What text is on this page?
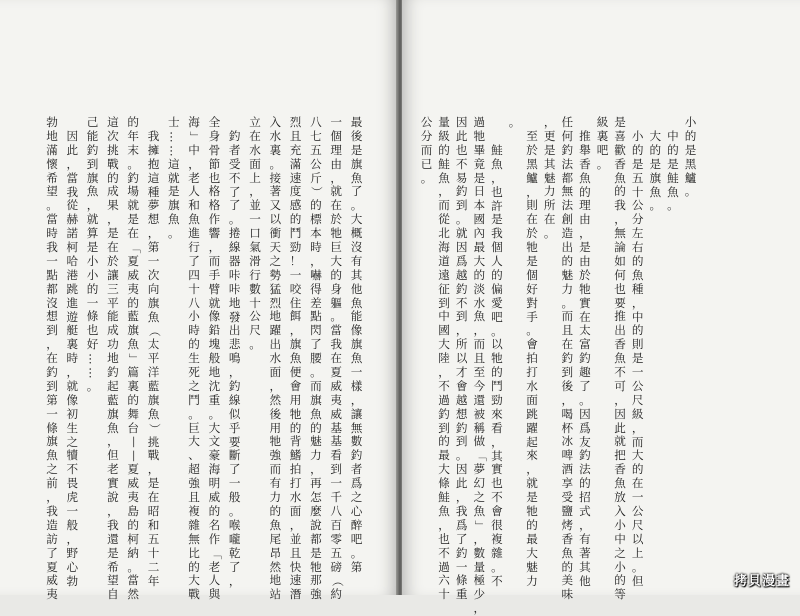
最
後
是
旗
魚
了
。
大
概
沒
有
其
他
魚
能
像
旗
魚
一
樣
，
讓
無
數
釣
者
爲
之
心
醉
吧
。
第
一
個
理
由
，
就
在
於
牠
巨
大
的
身
軀
。
當
我
在
夏
威
夷
威
基
基
看
到
一
千
八
百
零
五
磅
（
約
八
七
五
公
斤
）
的
標
本
時
，
嚇
得
差
點
閃
了
腰
。
而
旗
魚
的
魅
力
，
再
怎
麼
說
都
是
牠
那
強
烈
且
充
滿
速
度
感
的
鬥
勁
！
一
咬
住
餌
，
旗
魚
便
會
用
牠
的
背
鰭
拍
打
水
面
，
並
且
快
速
潛
入
水
裏
。
接
著
又
以
衝
天
之
勢
猛
烈
地
躍
出
水
面
，
然
後
用
牠
強
而
有
力
的
魚
尾
昂
然
地
站
立
在
水
面
上
，
並
一
口
氣
滑
行
數
十
公
尺
。
釣
者
受
不
了
了
。
捲
線
器
咔
咔
地
發
出
悲
鳴
，
釣
線
似
乎
要
斷
了
一
般
。
喉
嚨
乾
了
，
全
身
骨
節
也
格
格
作
響
，
而
手
臂
就
像
鉛
塊
般
地
沈
重
。
大
文
豪
海
明
威
的
名
作
「
老
人
與
海
」
中
，
老
人
和
魚
進
行
了
四
十
八
小
時
的
生
死
之
鬥
。
巨
大
、
超
強
且
複
雜
無
比
的
大
戰
士
…
…
這
就
是
旗
魚
。
我
擁
抱
這
種
夢
想
，
第
一
次
向
旗
魚
（
太
平
洋
藍
旗
魚
）
挑
戰
，
是
在
昭
和
五
十
二
年
的
年
末
。
釣
場
就
是
在
「
夏
威
夷
的
藍
旗
魚
」
篇
裏
的
舞
台
—
—
夏
威
夷
島
的
柯
納
。
當
然
這
次
挑
戰
的
成
果
，
是
在
於
讓
三
平
能
成
功
地
釣
起
藍
旗
魚
，
但
老
實
說
，
我
還
是
希
望
自
己
能
釣
到
旗
魚
，
就
算
是
小
小
的
一
條
也
好
…
…
。
因
此
，
當
我
從
赫
諾
柯
哈
港
跳
進
遊
艇
裏
時
，
就
像
初
生
之
犢
不
畏
虎
一
般
，
野
心
勃
勃
地
滿
懷
希
望
。
當
時
我
一
點
都
沒
想
到
，
在
釣
到
第
一
條
旗
魚
之
前
，
我
造
訪
了
夏
威
夷
小
的
是
黑
鱸
。
中
的
是
鮭
魚
。
大
的
是
旗
魚
。
小
的
是
五
十
公
分
左
右
的
魚
種
，
中
的
則
是
一
公
尺
級
，
而
大
的
在
一
公
尺
以
上
。
但
是
喜
歡
香
魚
的
我
，
無
論
如
何
也
要
推
出
香
魚
不
可
，
因
此
就
把
香
魚
放
入
小
中
之
小
的
等
級
裏
吧
。
推
舉
香
魚
的
理
由
，
是
由
於
牠
實
在
太
富
釣
趣
了
。
因
爲
友
釣
法
的
招
式
，
有
著
其
他
任
何
釣
法
都
無
法
創
造
出
的
魅
力
。
而
且
在
釣
到
後
，
喝
杯
冰
啤
酒
享
受
鹽
烤
香
魚
的
美
味
，
更
是
其
魅
力
所
在
。
至
於
黑
鱸
，
則
在
於
牠
是
個
好
對
手
。
會
拍
打
水
面
跳
躍
起
來
，
就
是
牠
的
最
大
魅
力
。
鮭
魚
，
也
許
是
我
個
人
的
偏
愛
吧
。
以
牠
的
鬥
勁
來
看
，
其
實
也
不
會
很
複
雜
。
不
過
牠
畢
竟
是
日
本
國
內
最
大
的
淡
水
魚
，
而
且
至
今
還
被
稱
做
「
夢
幻
之
魚
」
，
數
量
極
少
，
因
此
也
不
易
釣
到
。
就
因
爲
越
釣
不
到
，
所
以
才
會
越
想
釣
到
。
因
此
，
我
爲
了
釣
一
條
重
量
級
的
鮭
魚
，
而
從
北
海
道
遠
征
到
中
國
大
陸
，
不
過
釣
到
的
最
大
條
鮭
魚
，
也
不
過
六
十
公
分
而
已
。
拷貝漫畫
